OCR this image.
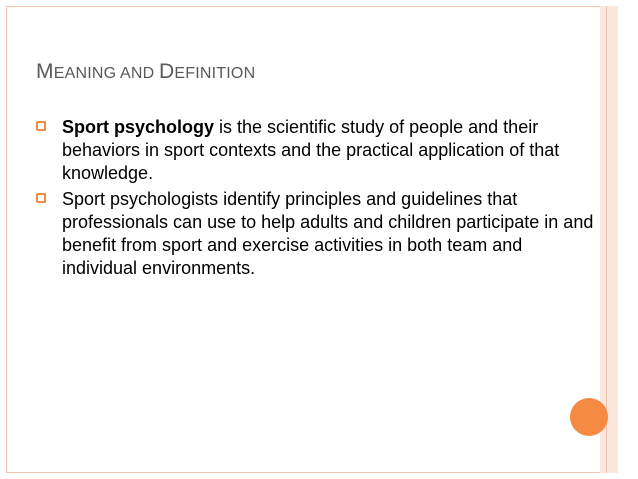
MEANING AND DEFINITION
Sport psychology is the scientific study of people and their behaviors in sport contexts and the practical application of that knowledge.
Sport psychologists identify principles and guidelines that professionals can use to help adults and children participate in and benefit from sport and exercise activities in both team and individual environments.
